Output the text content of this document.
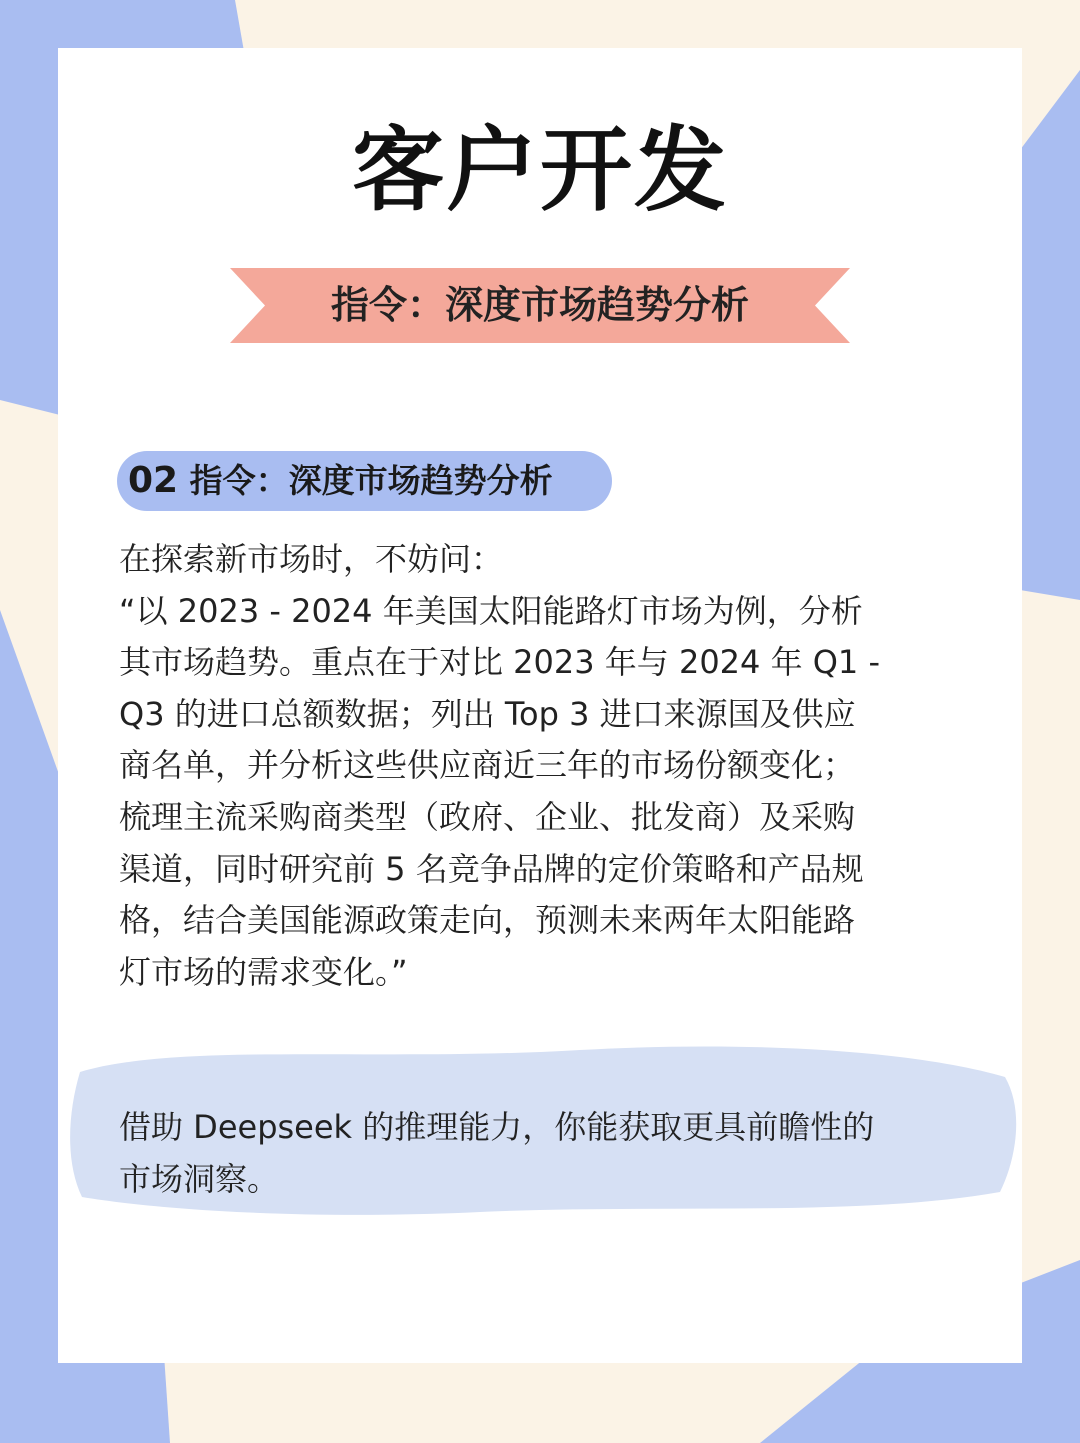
客户开发
指令：深度市场趋势分析
02 指令：深度市场趋势分析
在探索新市场时，不妨问：
“以 2023 - 2024 年美国太阳能路灯市场为例，分析
其市场趋势。重点在于对比 2023 年与 2024 年 Q1 -
Q3 的进口总额数据；列出 Top 3 进口来源国及供应
商名单，并分析这些供应商近三年的市场份额变化；
梳理主流采购商类型（政府、企业、批发商）及采购
渠道，同时研究前 5 名竞争品牌的定价策略和产品规
格，结合美国能源政策走向，预测未来两年太阳能路
灯市场的需求变化。”
借助 Deepseek 的推理能力，你能获取更具前瞻性的
市场洞察。
